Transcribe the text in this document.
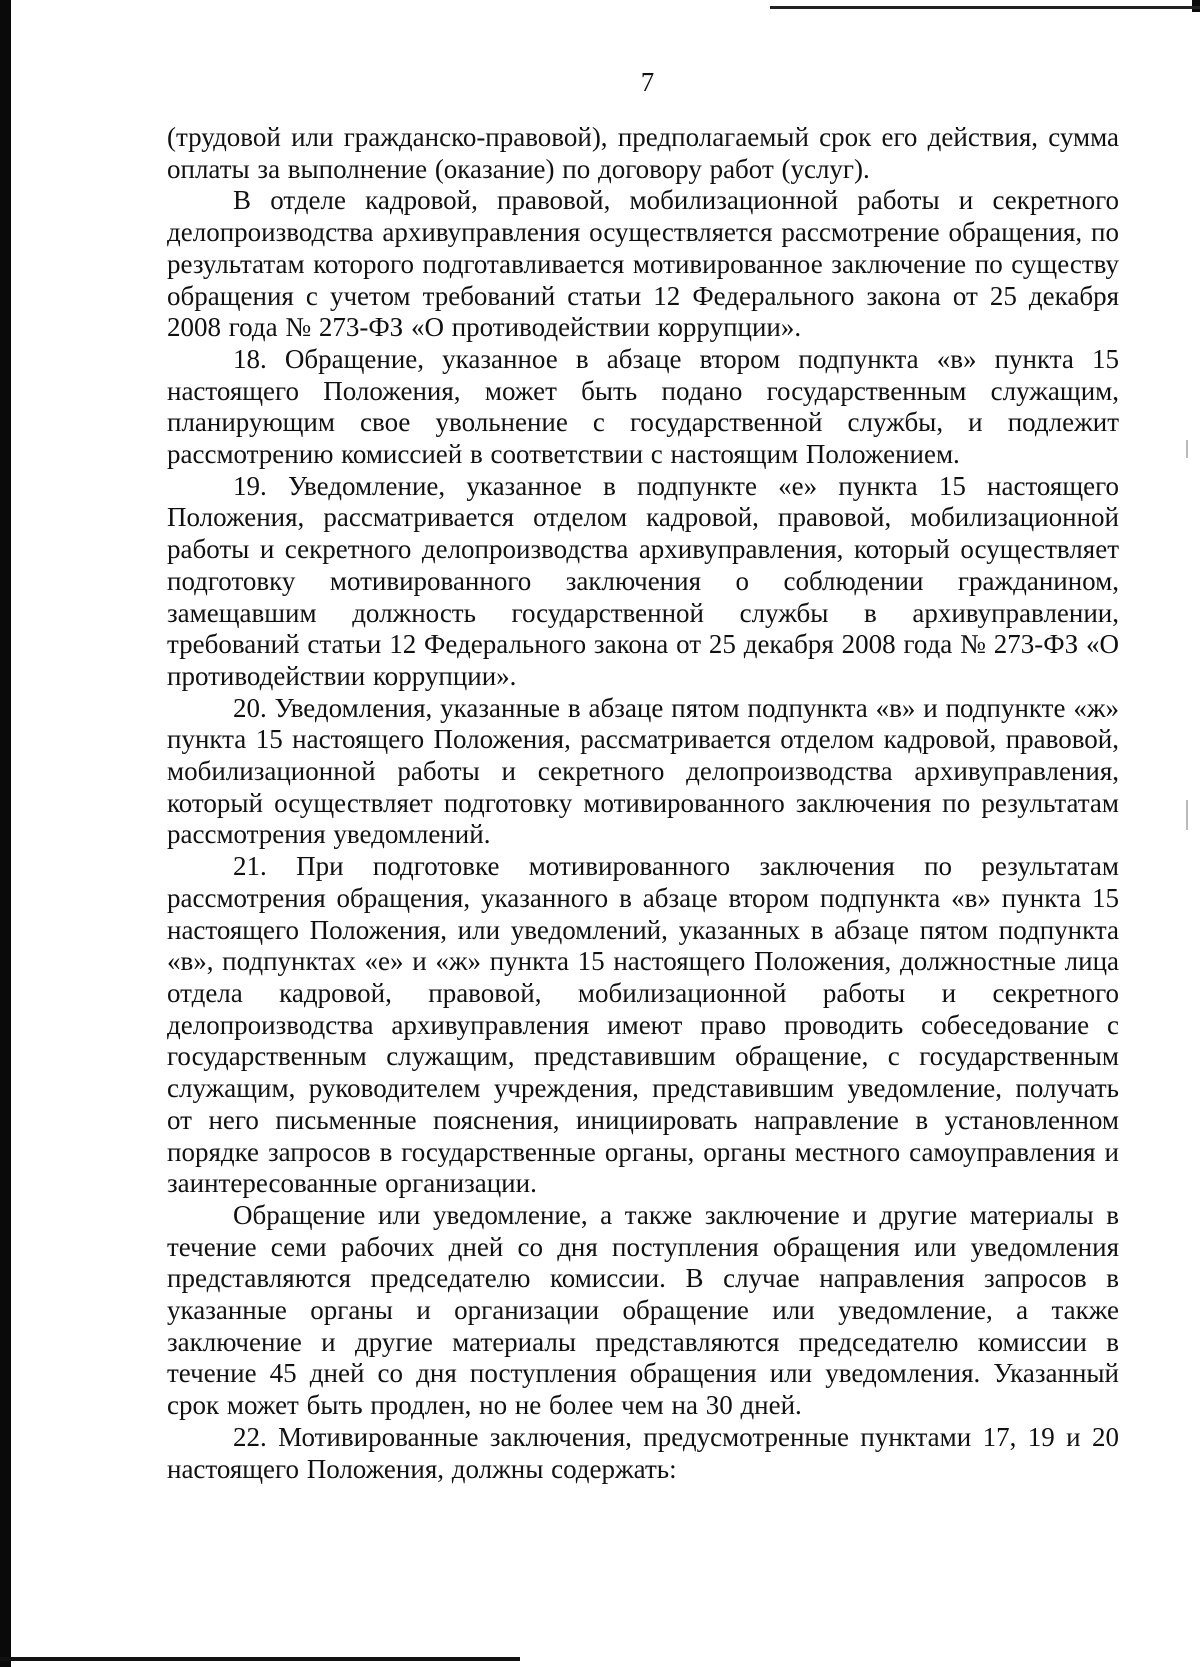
7

(трудовой или гражданско-правовой), предполагаемый срок его действия, сумма оплаты за выполнение (оказание) по договору работ (услуг).

В отделе кадровой, правовой, мобилизационной работы и секретного делопроизводства архивуправления осуществляется рассмотрение обращения, по результатам которого подготавливается мотивированное заключение по существу обращения с учетом требований статьи 12 Федерального закона от 25 декабря 2008 года № 273-ФЗ «О противодействии коррупции».

18. Обращение, указанное в абзаце втором подпункта «в» пункта 15 настоящего Положения, может быть подано государственным служащим, планирующим свое увольнение с государственной службы, и подлежит рассмотрению комиссией в соответствии с настоящим Положением.

19. Уведомление, указанное в подпункте «е» пункта 15 настоящего Положения, рассматривается отделом кадровой, правовой, мобилизационной работы и секретного делопроизводства архивуправления, который осуществляет подготовку мотивированного заключения о соблюдении гражданином, замещавшим должность государственной службы в архивуправлении, требований статьи 12 Федерального закона от 25 декабря 2008 года № 273-ФЗ «О противодействии коррупции».

20. Уведомления, указанные в абзаце пятом подпункта «в» и подпункте «ж» пункта 15 настоящего Положения, рассматривается отделом кадровой, правовой, мобилизационной работы и секретного делопроизводства архивуправления, который осуществляет подготовку мотивированного заключения по результатам рассмотрения уведомлений.

21. При подготовке мотивированного заключения по результатам рассмотрения обращения, указанного в абзаце втором подпункта «в» пункта 15 настоящего Положения, или уведомлений, указанных в абзаце пятом подпункта «в», подпунктах «е» и «ж» пункта 15 настоящего Положения, должностные лица отдела кадровой, правовой, мобилизационной работы и секретного делопроизводства архивуправления имеют право проводить собеседование с государственным служащим, представившим обращение, с государственным служащим, руководителем учреждения, представившим уведомление, получать от него письменные пояснения, инициировать направление в установленном порядке запросов в государственные органы, органы местного самоуправления и заинтересованные организации.

Обращение или уведомление, а также заключение и другие материалы в течение семи рабочих дней со дня поступления обращения или уведомления представляются председателю комиссии. В случае направления запросов в указанные органы и организации обращение или уведомление, а также заключение и другие материалы представляются председателю комиссии в течение 45 дней со дня поступления обращения или уведомления. Указанный срок может быть продлен, но не более чем на 30 дней.

22. Мотивированные заключения, предусмотренные пунктами 17, 19 и 20 настоящего Положения, должны содержать:
